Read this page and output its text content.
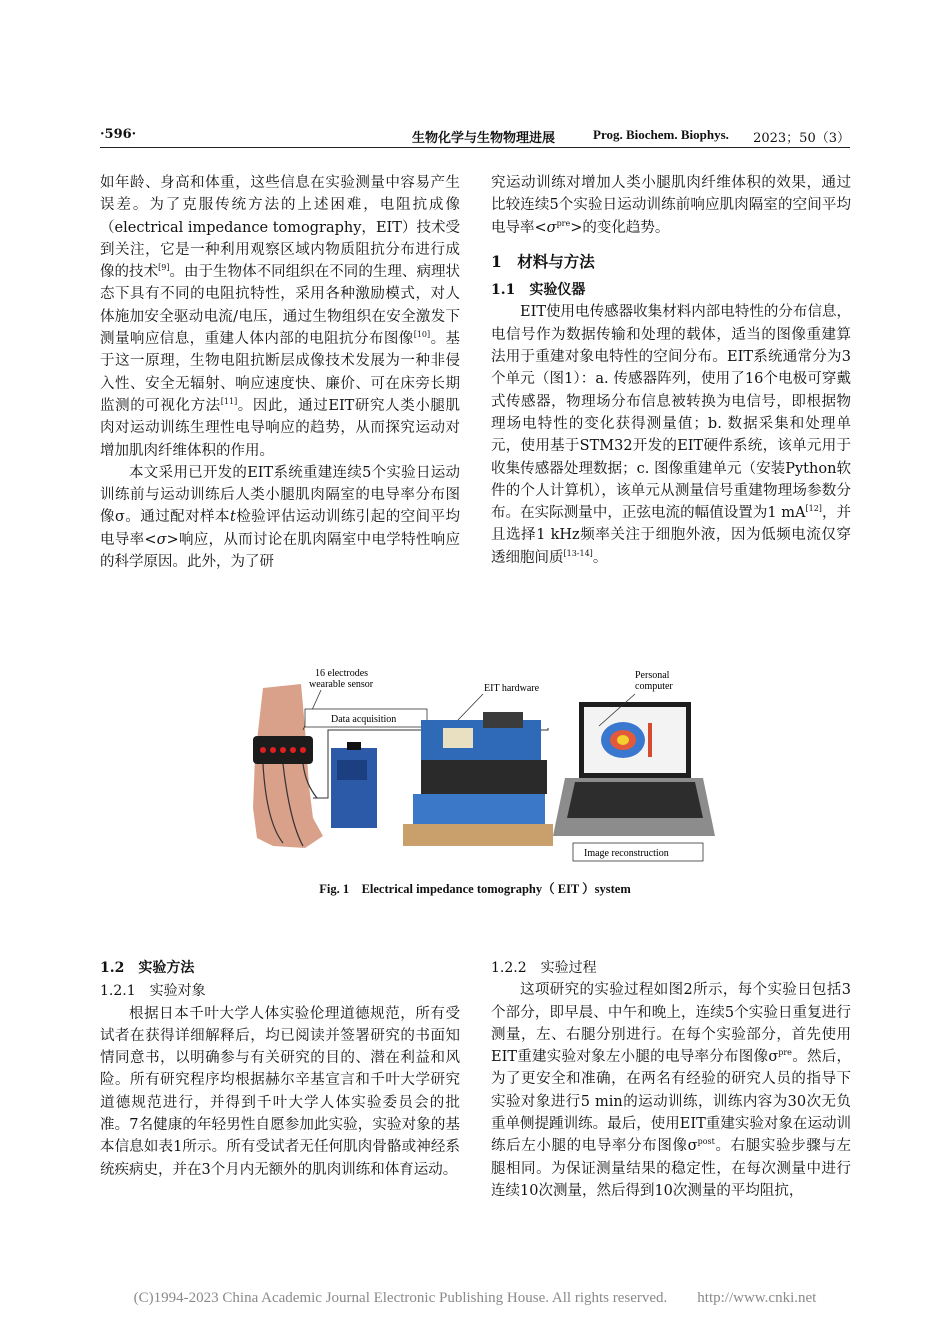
·596·	生物化学与生物物理进展	Prog. Biochem. Biophys. 2023；50（3）

如年龄、身高和体重，这些信息在实验测量中容易产生误差。为了克服传统方法的上述困难，电阻抗成像（electrical impedance tomography，EIT）技术受到关注，它是一种利用观察区域内物质阻抗分布进行成像的技术[9]。由于生物体不同组织在不同的生理、病理状态下具有不同的电阻抗特性，采用各种激励模式，对人体施加安全驱动电流/电压，通过生物组织在安全激发下测量响应信息，重建人体内部的电阻抗分布图像[10]。基于这一原理，生物电阻抗断层成像技术发展为一种非侵入性、安全无辐射、响应速度快、廉价、可在床旁长期监测的可视化方法[11]。因此，通过EIT研究人类小腿肌肉对运动训练生理性电导响应的趋势，从而探究运动对增加肌肉纤维体积的作用。

本文采用已开发的EIT系统重建连续5个实验日运动训练前与运动训练后人类小腿肌肉隔室的电导率分布图像σ。通过配对样本t检验评估运动训练引起的空间平均电导率<σ>响应，从而讨论在肌肉隔室中电学特性响应的科学原因。此外，为了研

究运动训练对增加人类小腿肌肉纤维体积的效果，通过比较连续5个实验日运动训练前响应肌肉隔室的空间平均电导率$<\sigma^{pre}>$的变化趋势。

1　材料与方法
1.1　实验仪器

EIT使用电传感器收集材料内部电特性的分布信息，电信号作为数据传输和处理的载体，适当的图像重建算法用于重建对象电特性的空间分布。EIT系统通常分为3个单元（图1）：a. 传感器阵列，使用了16个电极可穿戴式传感器，物理场分布信息被转换为电信号，即根据物理场电特性的变化获得测量值；b. 数据采集和处理单元，使用基于STM32开发的EIT硬件系统，该单元用于收集传感器处理数据；c. 图像重建单元（安装Python软件的个人计算机），该单元从测量信号重建物理场参数分布。在实际测量中，正弦电流的幅值设置为1 mA[12]，并且选择1 kHz频率关注于细胞外液，因为低频电流仅穿透细胞间质[13-14]。

16 electrodes
wearable sensor
Data acquisition
EIT hardware
Personal
computer
Image reconstruction
Fig. 1　Electrical impedance tomography（ EIT ）system
1.2　实验方法
1.2.1　实验对象

根据日本千叶大学人体实验伦理道德规范，所有受试者在获得详细解释后，均已阅读并签署研究的书面知情同意书，以明确参与有关研究的目的、潜在利益和风险。所有研究程序均根据赫尔辛基宣言和千叶大学研究道德规范进行，并得到千叶大学人体实验委员会的批准。7名健康的年轻男性自愿参加此实验，实验对象的基本信息如表1所示。所有受试者无任何肌肉骨骼或神经系统疾病史，并在3个月内无额外的肌肉训练和体育运动。

1.2.2　实验过程

这项研究的实验过程如图2所示，每个实验日包括3个部分，即早晨、中午和晚上，连续5个实验日重复进行测量，左、右腿分别进行。在每个实验部分，首先使用EIT重建实验对象左小腿的电导率分布图像$\sigma^{pre}$。然后，为了更安全和准确，在两名有经验的研究人员的指导下实验对象进行5 min的运动训练，训练内容为30次无负重单侧提踵训练。最后，使用EIT重建实验对象在运动训练后左小腿的电导率分布图像$\sigma^{post}$。右腿实验步骤与左腿相同。为保证测量结果的稳定性，在每次测量中进行连续10次测量，然后得到10次测量的平均阻抗，

(C)1994-2023 China Academic Journal Electronic Publishing House. All rights reserved.　　http://www.cnki.net
